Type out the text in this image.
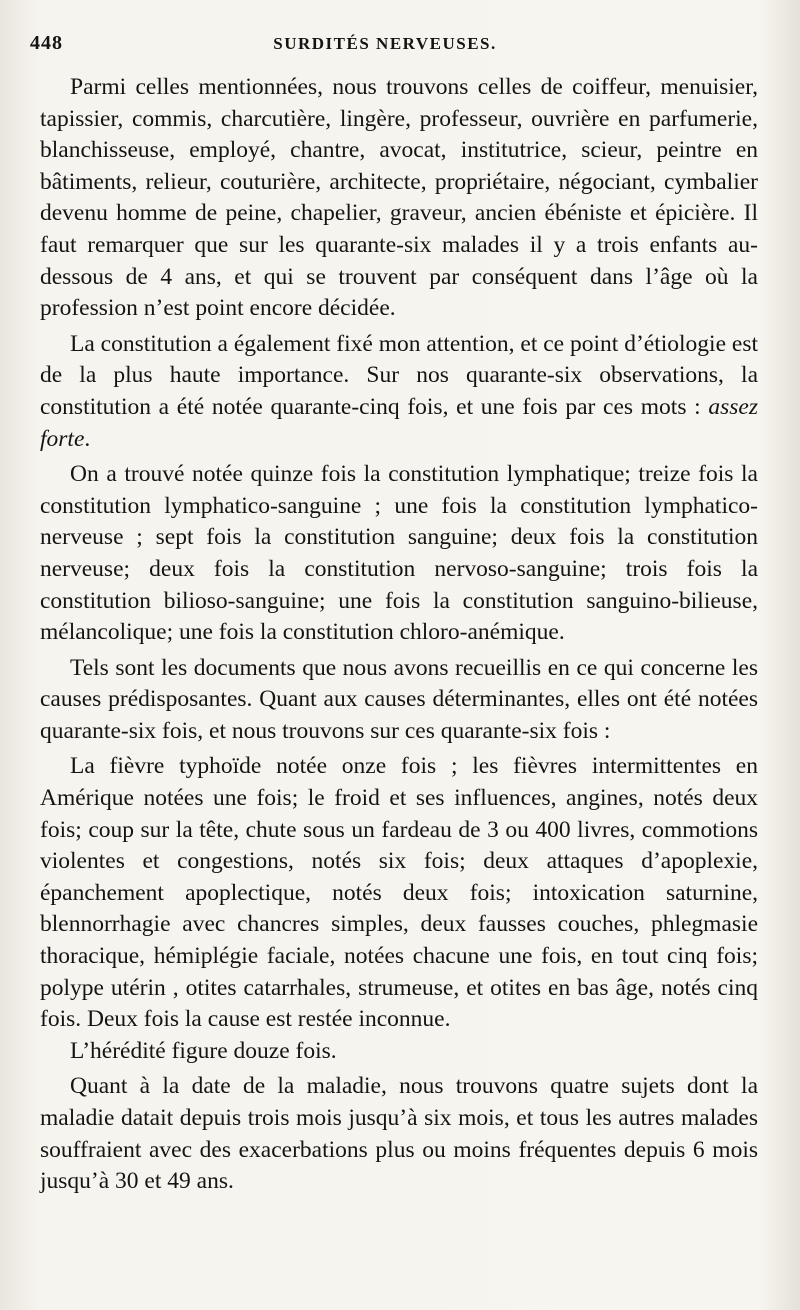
448	SURDITÉS NERVEUSES.

Parmi celles mentionnées, nous trouvons celles de coiffeur, menuisier, tapissier, commis, charcutière, lingère, professeur, ouvrière en parfumerie, blanchisseuse, employé, chantre, avocat, institutrice, scieur, peintre en bâtiments, relieur, couturière, architecte, propriétaire, négociant, cymbalier devenu homme de peine, chapelier, graveur, ancien ébéniste et épicière. Il faut remarquer que sur les quarante-six malades il y a trois enfants au-dessous de 4 ans, et qui se trouvent par conséquent dans l’âge où la profession n’est point encore décidée.

La constitution a également fixé mon attention, et ce point d’étiologie est de la plus haute importance. Sur nos quarante-six observations, la constitution a été notée quarante-cinq fois, et une fois par ces mots : assez forte.

On a trouvé notée quinze fois la constitution lymphatique; treize fois la constitution lymphatico-sanguine ; une fois la constitution lymphatico-nerveuse ; sept fois la constitution sanguine; deux fois la constitution nerveuse; deux fois la constitution nervoso-sanguine; trois fois la constitution bilioso-sanguine; une fois la constitution sanguino-bilieuse, mélancolique; une fois la constitution chloro-anémique.

Tels sont les documents que nous avons recueillis en ce qui concerne les causes prédisposantes. Quant aux causes déterminantes, elles ont été notées quarante-six fois, et nous trouvons sur ces quarante-six fois :

La fièvre typhoïde notée onze fois ; les fièvres intermittentes en Amérique notées une fois; le froid et ses influences, angines, notés deux fois; coup sur la tête, chute sous un fardeau de 3 ou 400 livres, commotions violentes et congestions, notés six fois; deux attaques d’apoplexie, épanchement apoplectique, notés deux fois; intoxication saturnine, blennorrhagie avec chancres simples, deux fausses couches, phlegmasie thoracique, hémiplégie faciale, notées chacune une fois, en tout cinq fois; polype utérin , otites catarrhales, strumeuse, et otites en bas âge, notés cinq fois. Deux fois la cause est restée inconnue.

L’hérédité figure douze fois.

Quant à la date de la maladie, nous trouvons quatre sujets dont la maladie datait depuis trois mois jusqu’à six mois, et tous les autres malades souffraient avec des exacerbations plus ou moins fréquentes depuis 6 mois jusqu’à 30 et 49 ans.
